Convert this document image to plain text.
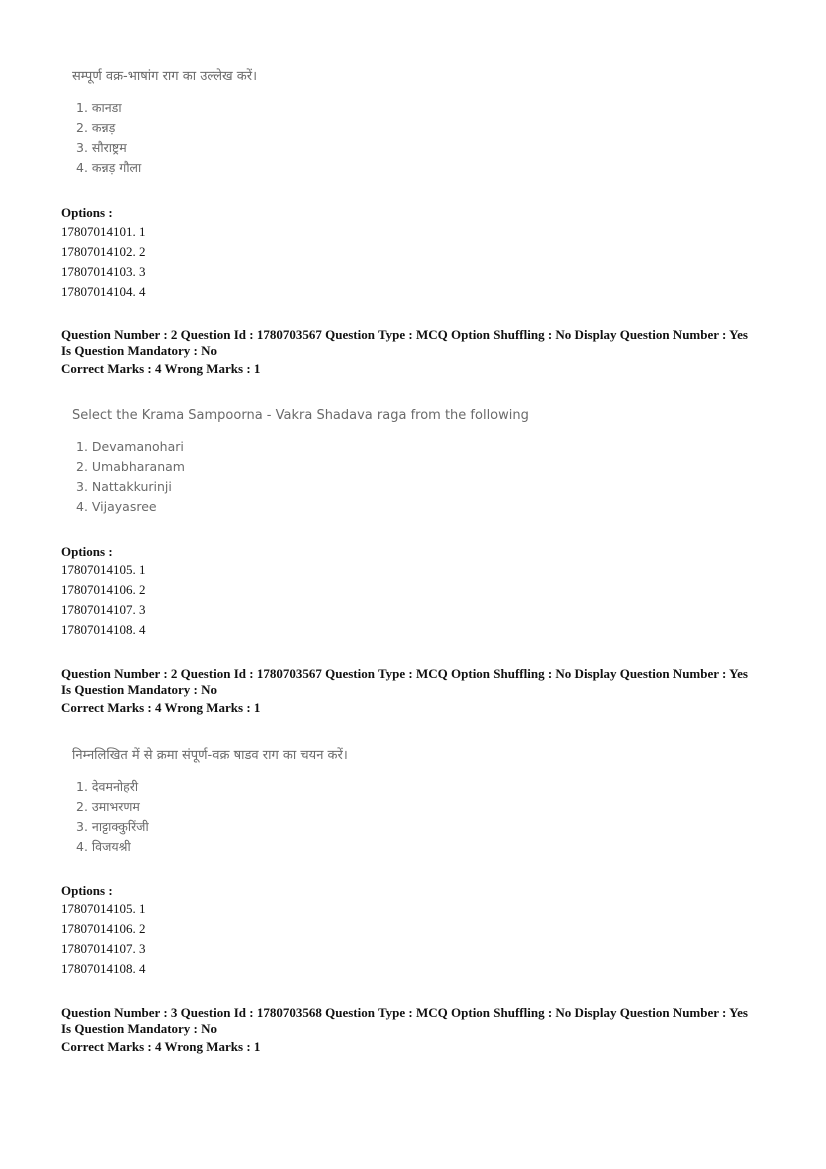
सम्पूर्ण वक्र-भाषांग राग का उल्लेख करें।
1. कानडा
2. कन्नड़
3. सौराष्ट्रम
4. कन्नड़ गौला
Options :
17807014101. 1
17807014102. 2
17807014103. 3
17807014104. 4
Question Number : 2 Question Id : 1780703567 Question Type : MCQ Option Shuffling : No Display Question Number : Yes
Is Question Mandatory : No
Correct Marks : 4 Wrong Marks : 1
Select the Krama Sampoorna - Vakra Shadava raga from the following
1. Devamanohari
2. Umabharanam
3. Nattakkurinji
4. Vijayasree
Options :
17807014105. 1
17807014106. 2
17807014107. 3
17807014108. 4
Question Number : 2 Question Id : 1780703567 Question Type : MCQ Option Shuffling : No Display Question Number : Yes
Is Question Mandatory : No
Correct Marks : 4 Wrong Marks : 1
निम्नलिखित में से क्रमा संपूर्ण-वक्र षाडव राग का चयन करें।
1. देवमनोहरी
2. उमाभरणम
3. नाट्टाक्कुरिंजी
4. विजयश्री
Options :
17807014105. 1
17807014106. 2
17807014107. 3
17807014108. 4
Question Number : 3 Question Id : 1780703568 Question Type : MCQ Option Shuffling : No Display Question Number : Yes
Is Question Mandatory : No
Correct Marks : 4 Wrong Marks : 1
